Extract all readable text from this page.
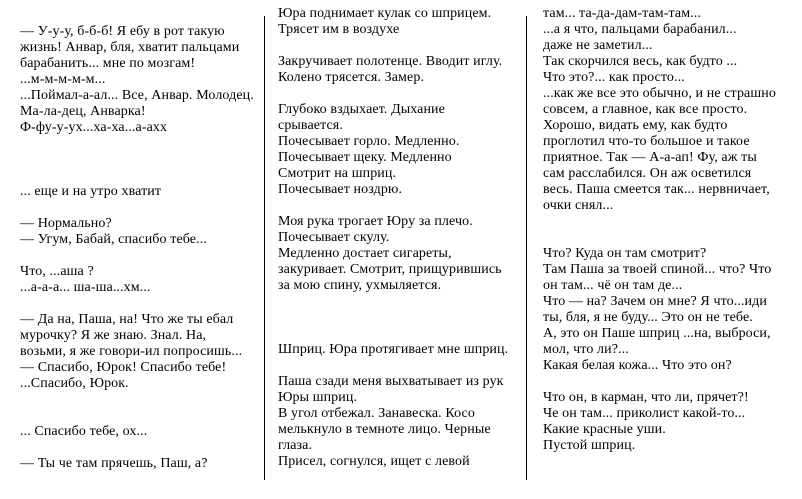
— У-у-у, б-б-б! Я ебу в рот такую
жизнь! Анвар, бля, хватит пальцами
барабанить... мне по мозгам!
...м-м-м-м-м...
...Поймал-а-ал... Все, Анвар. Молодец.
Ма-ла-дец, Анварка!
Ф-фу-у-ух...ха-ха...а-ахх
... еще и на утро хватит
— Нормально?
— Угум, Бабай, спасибо тебе...
Что, ...аша ?
...а-а-а... ша-ша...хм...
— Да на, Паша, на! Что же ты ебал
мурочку? Я же знаю. Знал. На,
возьми, я же говори-ил попросишь...
— Спасибо, Юрок! Спасибо тебе!
...Спасибо, Юрок.
... Спасибо тебе, ох...
— Ты че там прячешь, Паш, а?
Юра поднимает кулак со шприцем.
Трясет им в воздухе
Закручивает полотенце. Вводит иглу.
Колено трясется. Замер.
Глубоко вздыхает. Дыхание
срывается.
Почесывает горло. Медленно.
Почесывает щеку. Медленно
Смотрит на шприц.
Почесывает ноздрю.
Моя рука трогает Юру за плечо.
Почесывает скулу.
Медленно достает сигареты,
закуривает. Смотрит, прищурившись
за мою спину, ухмыляется.
Шприц. Юра протягивает мне шприц.
Паша сзади меня выхватывает из рук
Юры шприц.
В угол отбежал. Занавеска. Косо
мелькнуло в темноте лицо. Черные
глаза.
Присел, согнулся, ищет с левой
там... та-да-дам-там-там...
...а я что, пальцами барабанил...
даже не заметил...
Так скорчился весь, как будто ...
Что это?... как просто...
...как же все это обычно, и не страшно
совсем, а главное, как все просто.
Хорошо, видать ему, как будто
проглотил что-то большое и такое
приятное. Так — А-а-ап! Фу, аж ты
сам расслабился. Он аж осветился
весь. Паша смеется так... нервничает,
очки снял...
Что? Куда он там смотрит?
Там Паша за твоей спиной... что? Что
он там... чё он там де...
Что — на? Зачем он мне? Я что...иди
ты, бля, я не буду... Это он не тебе.
А, это он Паше шприц ...на, выброси,
мол, что ли?...
Какая белая кожа... Что это он?
Что он, в карман, что ли, прячет?!
Че он там... приколист какой-то...
Какие красные уши.
Пустой шприц.
